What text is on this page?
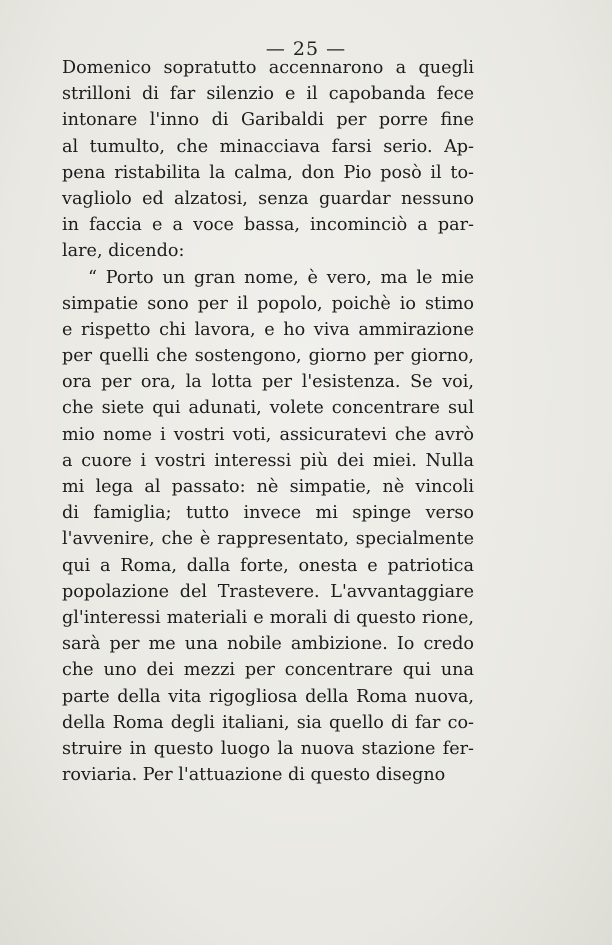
— 25 —
Domenico sopratutto accennarono a quegli
strilloni di far silenzio e il capobanda fece
intonare l'inno di Garibaldi per porre fine
al tumulto, che minacciava farsi serio. Ap-
pena ristabilita la calma, don Pio posò il to-
vagliolo ed alzatosi, senza guardar nessuno
in faccia e a voce bassa, incominciò a par-
lare, dicendo:
“ Porto un gran nome, è vero, ma le mie
simpatie sono per il popolo, poichè io stimo
e rispetto chi lavora, e ho viva ammirazione
per quelli che sostengono, giorno per giorno,
ora per ora, la lotta per l'esistenza. Se voi,
che siete qui adunati, volete concentrare sul
mio nome i vostri voti, assicuratevi che avrò
a cuore i vostri interessi più dei miei. Nulla
mi lega al passato: nè simpatie, nè vincoli
di famiglia; tutto invece mi spinge verso
l'avvenire, che è rappresentato, specialmente
qui a Roma, dalla forte, onesta e patriotica
popolazione del Trastevere. L'avvantaggiare
gl'interessi materiali e morali di questo rione,
sarà per me una nobile ambizione. Io credo
che uno dei mezzi per concentrare qui una
parte della vita rigogliosa della Roma nuova,
della Roma degli italiani, sia quello di far co-
struire in questo luogo la nuova stazione fer-
roviaria. Per l'attuazione di questo disegno
